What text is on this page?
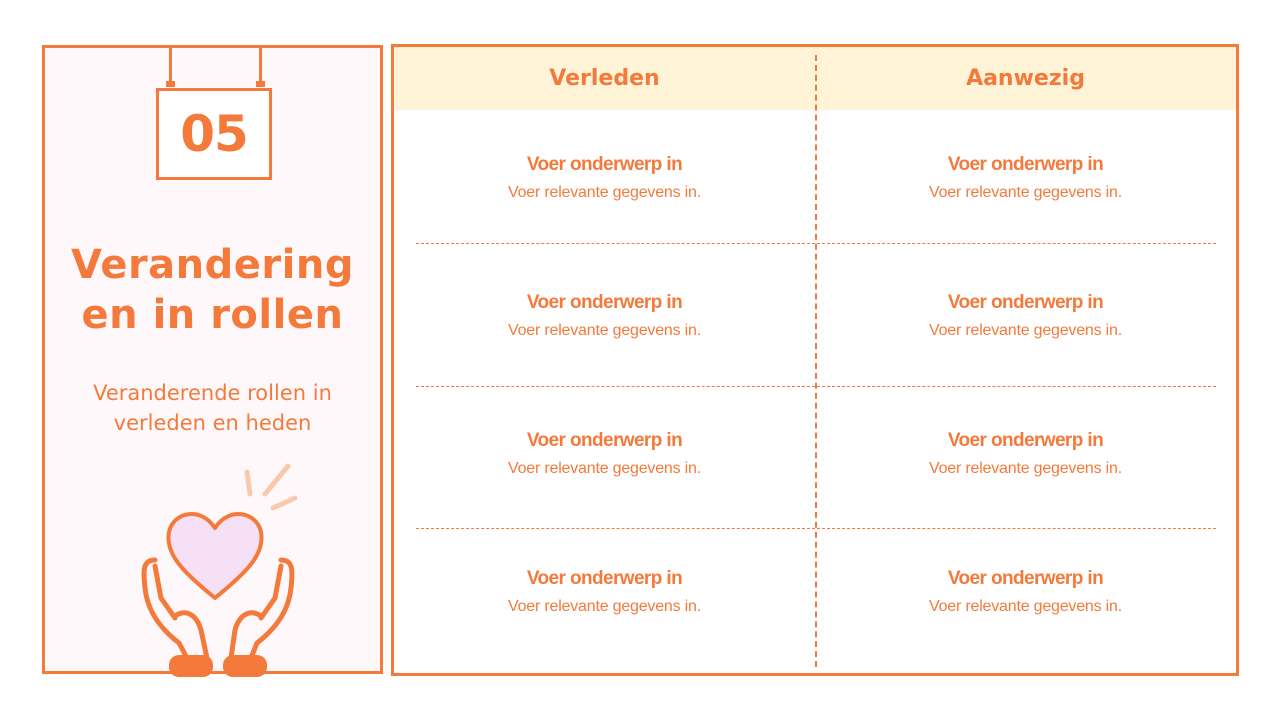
05
Verandering
en in rollen
Veranderende rollen in
verleden en heden
Verleden	Aanwezig
Voer onderwerp in
Voer relevante gegevens in.
Voer onderwerp in
Voer relevante gegevens in.
Voer onderwerp in
Voer relevante gegevens in.
Voer onderwerp in
Voer relevante gegevens in.
Voer onderwerp in
Voer relevante gegevens in.
Voer onderwerp in
Voer relevante gegevens in.
Voer onderwerp in
Voer relevante gegevens in.
Voer onderwerp in
Voer relevante gegevens in.
